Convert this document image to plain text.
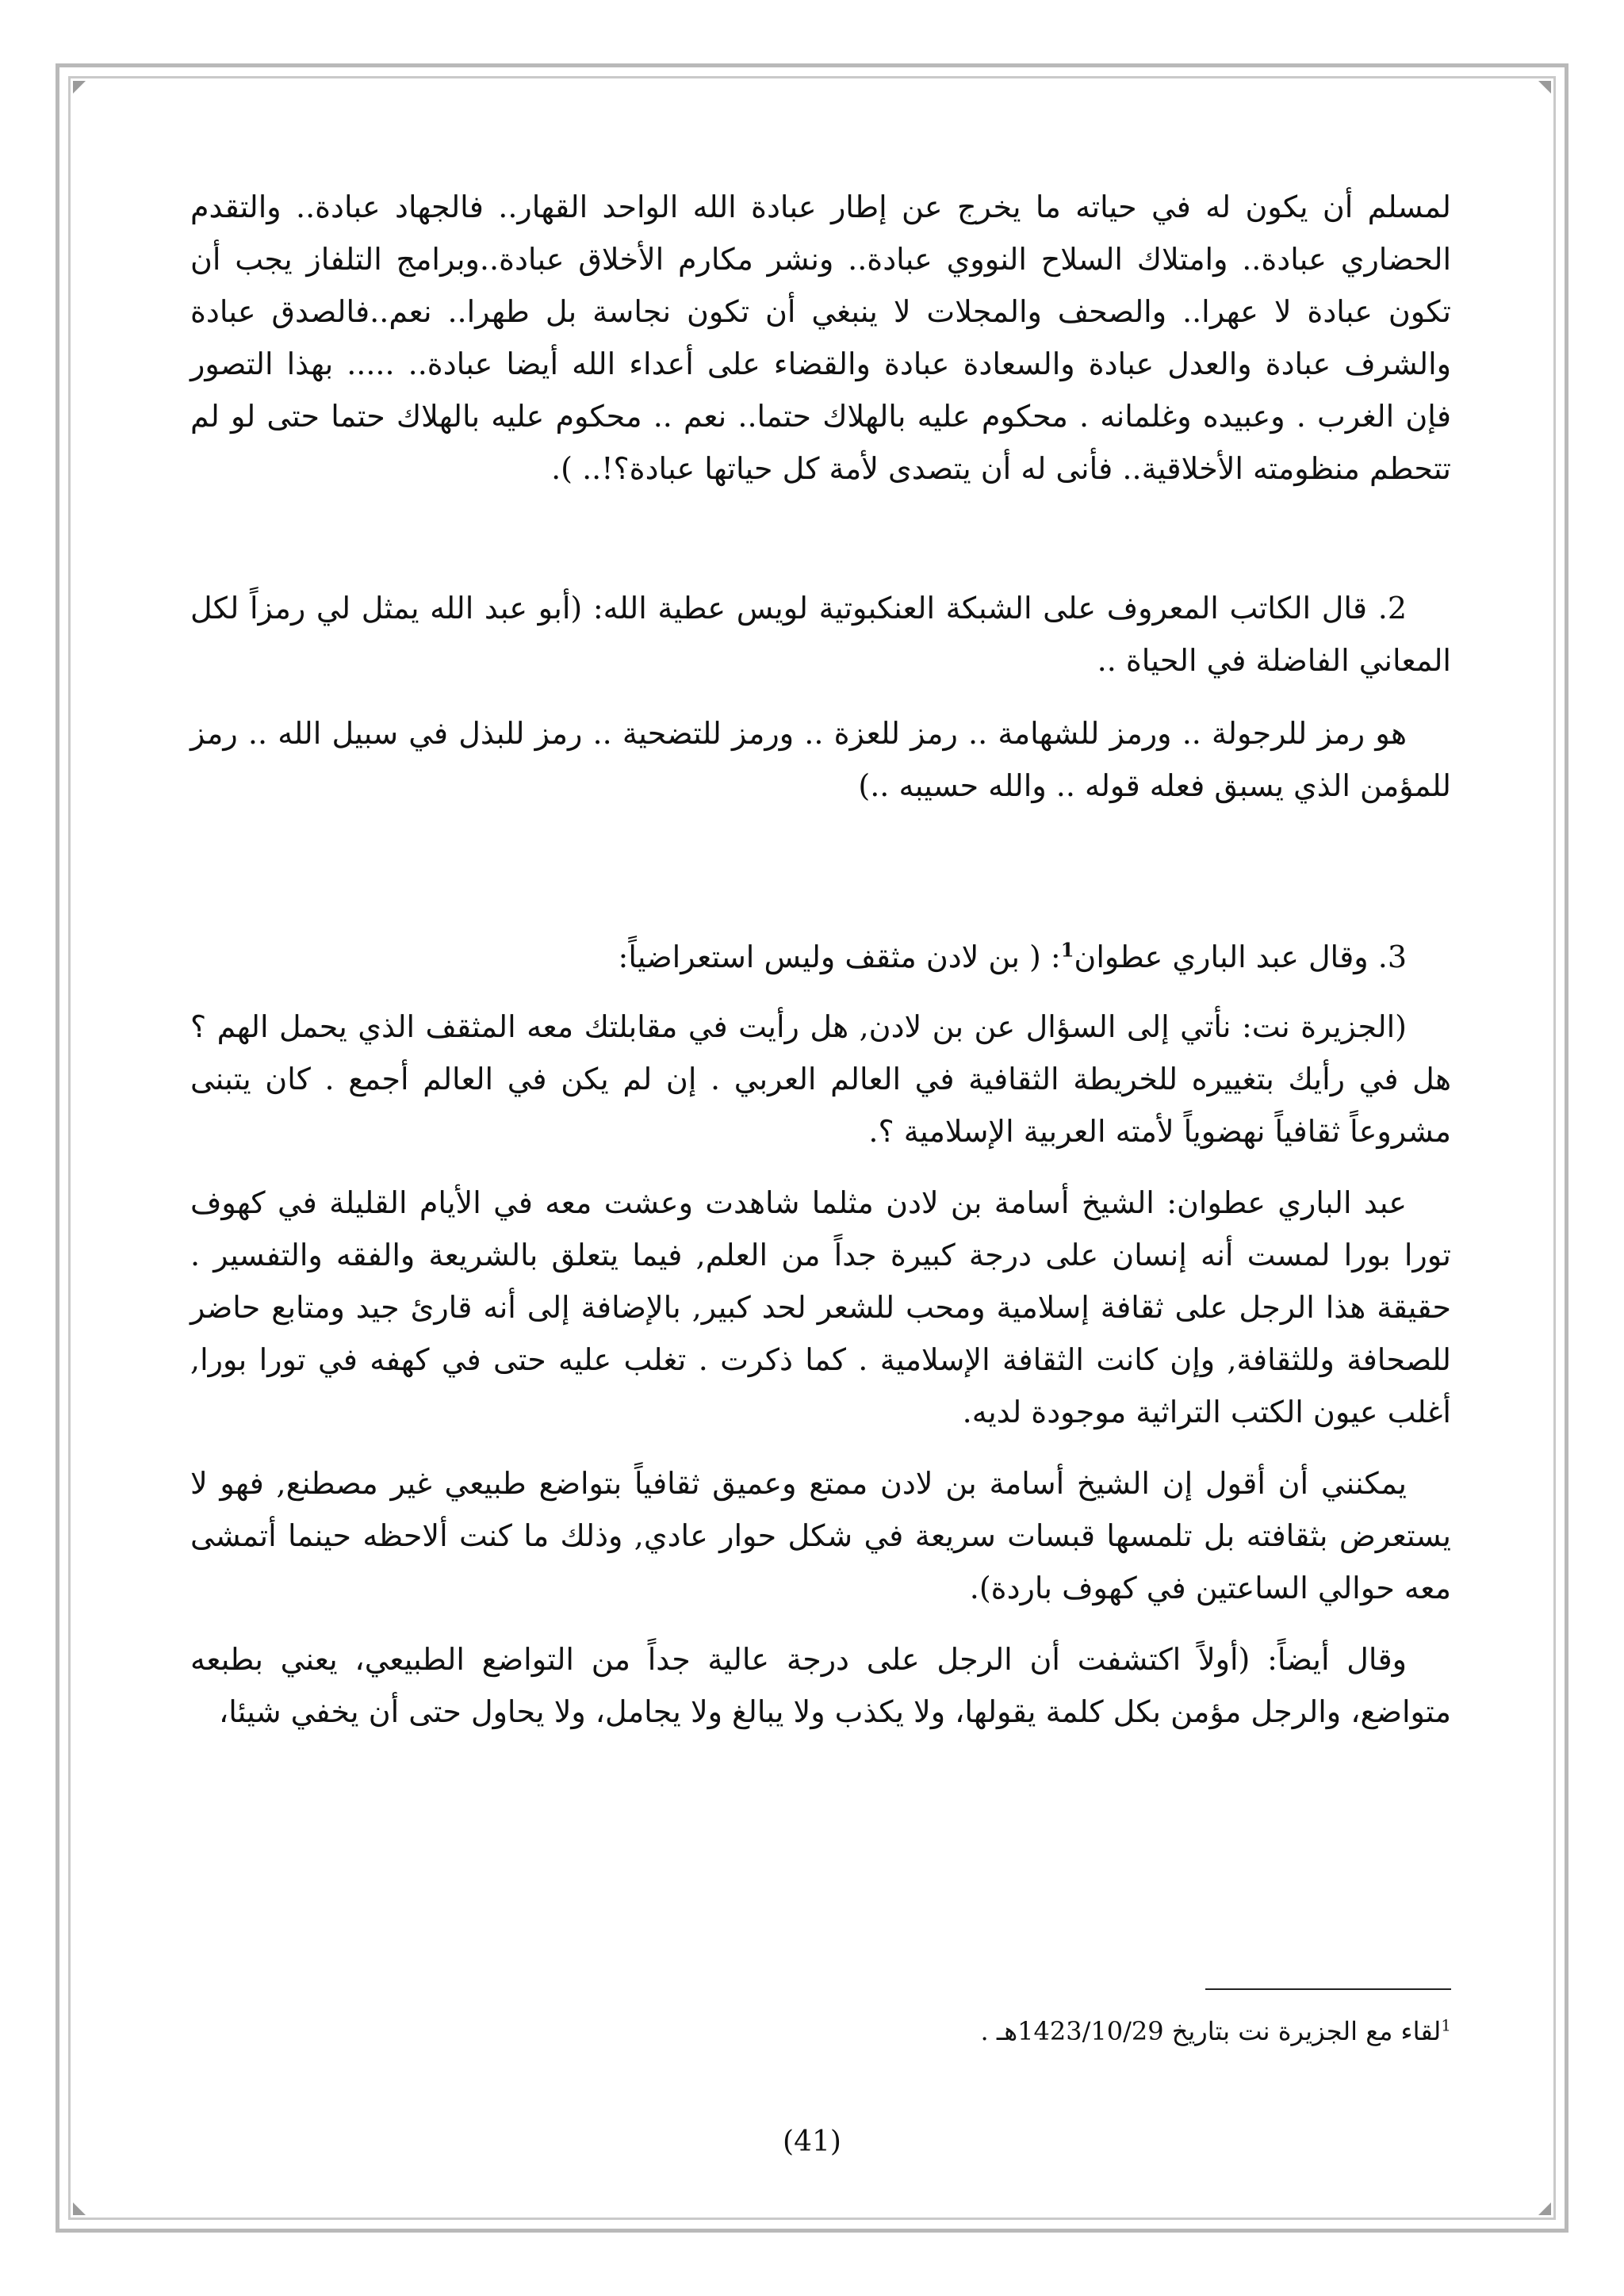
لمسلم أن يكون له في حياته ما يخرج عن إطار عبادة الله الواحد القهار.. فالجهاد عبادة.. والتقدم الحضاري عبادة.. وامتلاك السلاح النووي عبادة.. ونشر مكارم الأخلاق عبادة..وبرامج التلفاز يجب أن تكون عبادة لا عهرا.. والصحف والمجلات لا ينبغي أن تكون نجاسة بل طهرا.. نعم..فالصدق عبادة والشرف عبادة والعدل عبادة والسعادة عبادة والقضاء على أعداء الله أيضا عبادة.. ..... بهذا التصور فإن الغرب . وعبيده وغلمانه . محكوم عليه بالهلاك حتما.. نعم .. محكوم عليه بالهلاك حتما حتى لو لم تتحطم منظومته الأخلاقية.. فأنى له أن يتصدى لأمة كل حياتها عبادة؟!.. ).

2. قال الكاتب المعروف على الشبكة العنكبوتية لويس عطية الله: (أبو عبد الله يمثل لي رمزاً لكل المعاني الفاضلة في الحياة ..

هو رمز للرجولة .. ورمز للشهامة .. رمز للعزة .. ورمز للتضحية .. رمز للبذل في سبيل الله .. رمز للمؤمن الذي يسبق فعله قوله .. والله حسيبه ..)

3. وقال عبد الباري عطوان$^1$: ( بن لادن مثقف وليس استعراضياً:

(الجزيرة نت: نأتي إلى السؤال عن بن لادن, هل رأيت في مقابلتك معه المثقف الذي يحمل الهم ؟ هل في رأيك بتغييره للخريطة الثقافية في العالم العربي . إن لم يكن في العالم أجمع . كان يتبنى مشروعاً ثقافياً نهضوياً لأمته العربية الإسلامية ؟.

عبد الباري عطوان: الشيخ أسامة بن لادن مثلما شاهدت وعشت معه في الأيام القليلة في كهوف تورا بورا لمست أنه إنسان على درجة كبيرة جداً من العلم, فيما يتعلق بالشريعة والفقه والتفسير . حقيقة هذا الرجل على ثقافة إسلامية ومحب للشعر لحد كبير, بالإضافة إلى أنه قارئ جيد ومتابع حاضر للصحافة وللثقافة, وإن كانت الثقافة الإسلامية . كما ذكرت . تغلب عليه حتى في كهفه في تورا بورا, أغلب عيون الكتب التراثية موجودة لديه.

يمكنني أن أقول إن الشيخ أسامة بن لادن ممتع وعميق ثقافياً بتواضع طبيعي غير مصطنع, فهو لا يستعرض بثقافته بل تلمسها قبسات سريعة في شكل حوار عادي, وذلك ما كنت ألاحظه حينما أتمشى معه حوالي الساعتين في كهوف باردة).

وقال أيضاً: (أولاً اكتشفت أن الرجل على درجة عالية جداً من التواضع الطبيعي، يعني بطبعه متواضع، والرجل مؤمن بكل كلمة يقولها، ولا يكذب ولا يبالغ ولا يجامل، ولا يحاول حتى أن يخفي شيئا،

$^1$لقاء مع الجزيرة نت بتاريخ 1423/10/29هـ .
(41)
